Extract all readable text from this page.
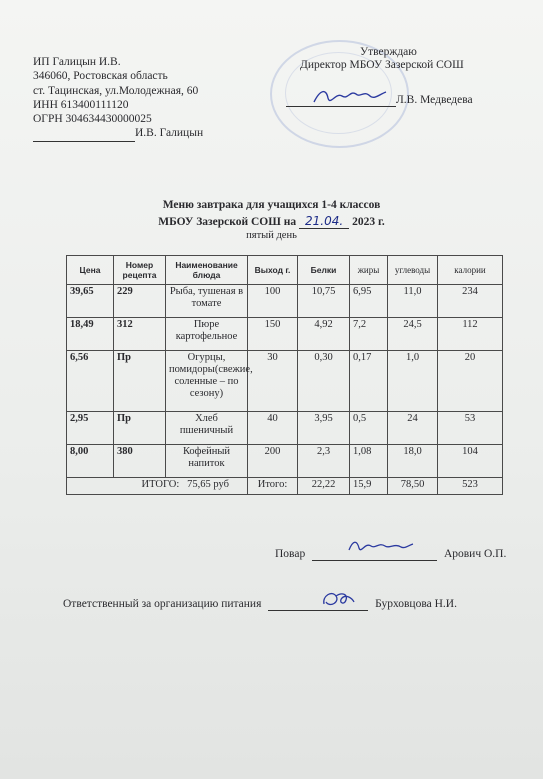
ИП Галицын И.В.
346060, Ростовская область
ст. Тацинская, ул.Молодежная, 60
ИНН 613400111120
ОГРН 304634430000025
И.В. Галицын
Утверждаю
Директор МБОУ Зазерской СОШ
Л.В. Медведева
Меню завтрака для учащихся 1-4 классов
МБОУ Зазерской СОШ на 21.04. 2023 г.
пятый день
Цена	Номер рецепта	Наименование блюда	Выход г.	Белки	жиры	углеводы	калории
39,65	229	Рыба, тушеная в томате	100	10,75	6,95	11,0	234
18,49	312	Пюре картофельное	150	4,92	7,2	24,5	112
6,56	Пр	Огурцы, помидоры(свежие, соленные – по сезону)	30	0,30	0,17	1,0	20
2,95	Пр	Хлеб пшеничный	40	3,95	0,5	24	53
8,00	380	Кофейный напиток	200	2,3	1,08	18,0	104
ИТОГО: 75,65 руб			Итого:	22,22	15,9	78,50	523
Повар	Арович О.П.
Ответственный за организацию питания	Бурховцова Н.И.
